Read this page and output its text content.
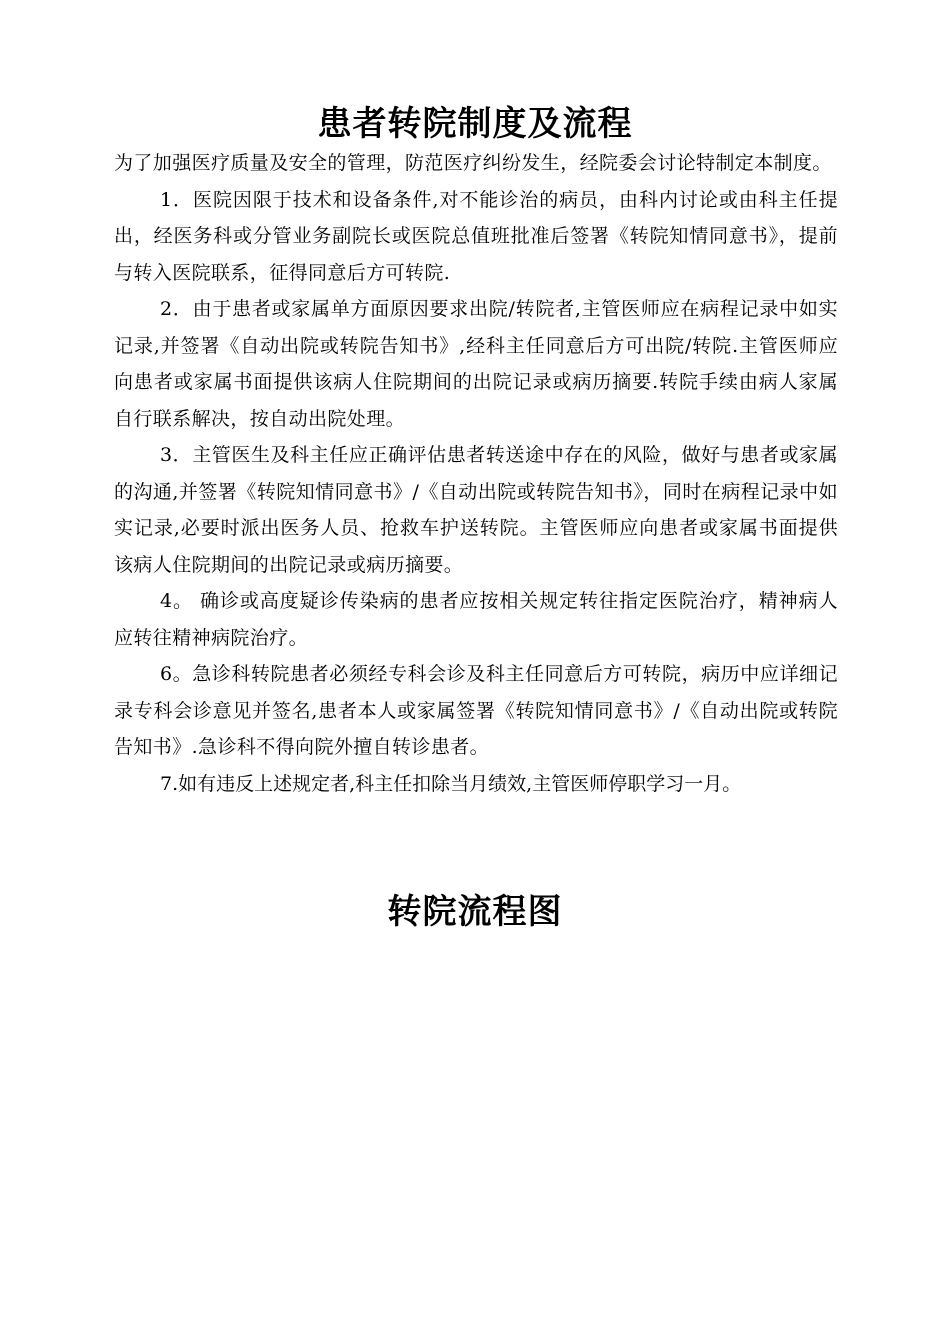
患者转院制度及流程

为了加强医疗质量及安全的管理，防范医疗纠纷发生，经院委会讨论特制定本制度。

1．医院因限于技术和设备条件,对不能诊治的病员，由科内讨论或由科主任提出，经医务科或分管业务副院长或医院总值班批准后签署《转院知情同意书》，提前与转入医院联系，征得同意后方可转院.

2．由于患者或家属单方面原因要求出院/转院者,主管医师应在病程记录中如实记录,并签署《自动出院或转院告知书》,经科主任同意后方可出院/转院.主管医师应向患者或家属书面提供该病人住院期间的出院记录或病历摘要.转院手续由病人家属自行联系解决，按自动出院处理。

3．主管医生及科主任应正确评估患者转送途中存在的风险，做好与患者或家属的沟通,并签署《转院知情同意书》/《自动出院或转院告知书》，同时在病程记录中如实记录,必要时派出医务人员、抢救车护送转院。主管医师应向患者或家属书面提供该病人住院期间的出院记录或病历摘要。

4。 确诊或高度疑诊传染病的患者应按相关规定转往指定医院治疗，精神病人应转往精神病院治疗。

6。急诊科转院患者必须经专科会诊及科主任同意后方可转院，病历中应详细记录专科会诊意见并签名,患者本人或家属签署《转院知情同意书》/《自动出院或转院告知书》.急诊科不得向院外擅自转诊患者。

7.如有违反上述规定者,科主任扣除当月绩效,主管医师停职学习一月。

转院流程图
